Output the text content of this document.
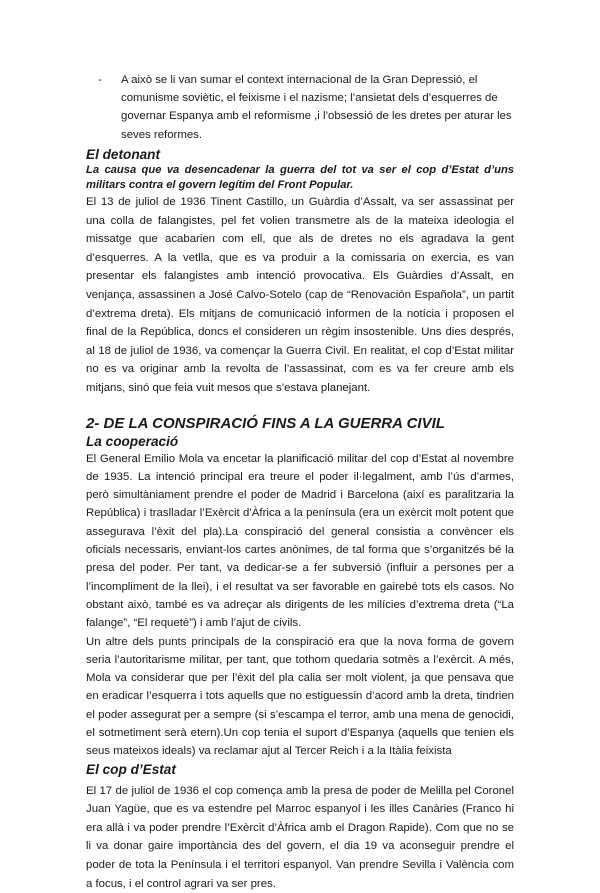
- A això se li van sumar el context internacional de la Gran Depressió, el comunisme soviètic, el feixisme i el nazisme; l’ansietat dels d’esquerres de governar Espanya amb el reformisme ,i l’obsessió de les dretes per aturar les seves reformes.
El detonant
La causa que va desencadenar la guerra del tot va ser el cop d’Estat d’uns militars contra el govern legítim del Front Popular.

El 13 de juliol de 1936 Tinent Castillo, un Guàrdia d’Assalt, va ser assassinat per una colla de falangistes, pel fet volien transmetre als de la mateixa ideologia el missatge que acabarien com ell, que als de dretes no els agradava la gent d’esquerres. A la vetlla, que es va produir a la comissaria on exercia, es van presentar els falangistes amb intenció provocativa. Els Guàrdies d’Assalt, en venjança, assassinen a José Calvo-Sotelo (cap de “Renovación Española”, un partit d’extrema dreta). Els mitjans de comunicació informen de la notícia i proposen el final de la República, doncs el consideren un règim insostenible. Uns dies després, al 18 de juliol de 1936, va començar la Guerra Civil. En realitat, el cop d’Estat militar no es va originar amb la revolta de l’assassinat, com es va fer creure amb els mitjans, sinó que feia vuit mesos que s’estava planejant.

2- DE LA CONSPIRACIÓ FINS A LA GUERRA CIVIL
La cooperació

El General Emilio Mola va encetar la planificació militar del cop d’Estat al novembre de 1935. La intenció principal era treure el poder il·legalment, amb l’ús d’armes, però simultàniament prendre el poder de Madrid i Barcelona (així es paralitzaria la República) i traslladar l’Exèrcit d’Àfrica a la península (era un exèrcit molt potent que assegurava l’èxit del pla).La conspiració del general consistia a convèncer els oficials necessaris, enviant-los cartes anònimes, de tal forma que s’organitzés bé la presa del poder. Per tant, va dedicar-se a fer subversió (influir a persones per a l’incompliment de la llei), i el resultat va ser favorable en gairebé tots els casos. No obstant això, també es va adreçar als dirigents de les milícies d’extrema dreta (“La falange”, “El requetè”) i amb l’ajut de civils.

Un altre dels punts principals de la conspiració era que la nova forma de govern seria l’autoritarisme militar, per tant, que tothom quedaria sotmès a l’exèrcit. A més, Mola va considerar que per l’èxit del pla calia ser molt violent, ja que pensava que en eradicar l’esquerra i tots aquells que no estiguessin d’acord amb la dreta, tindrien el poder assegurat per a sempre (si s’escampa el terror, amb una mena de genocidi, el sotmetiment serà etern).Un cop tenia el suport d’Espanya (aquells que tenien els seus mateixos ideals) va reclamar ajut al Tercer Reich i a la Itàlia feixista

El cop d’Estat

El 17 de juliol de 1936 el cop comença amb la presa de poder de Melilla pel Coronel Juan Yagüe, que es va estendre pel Marroc espanyol i les illes Canàries (Franco hi era allà i va poder prendre l’Exèrcit d’Àfrica amb el Dragon Rapide). Com que no se li va donar gaire importància des del govern, el dia 19 va aconseguir prendre el poder de tota la Península i el territori espanyol. Van prendre Sevilla i València com a focus, i el control agrari va ser pres.
